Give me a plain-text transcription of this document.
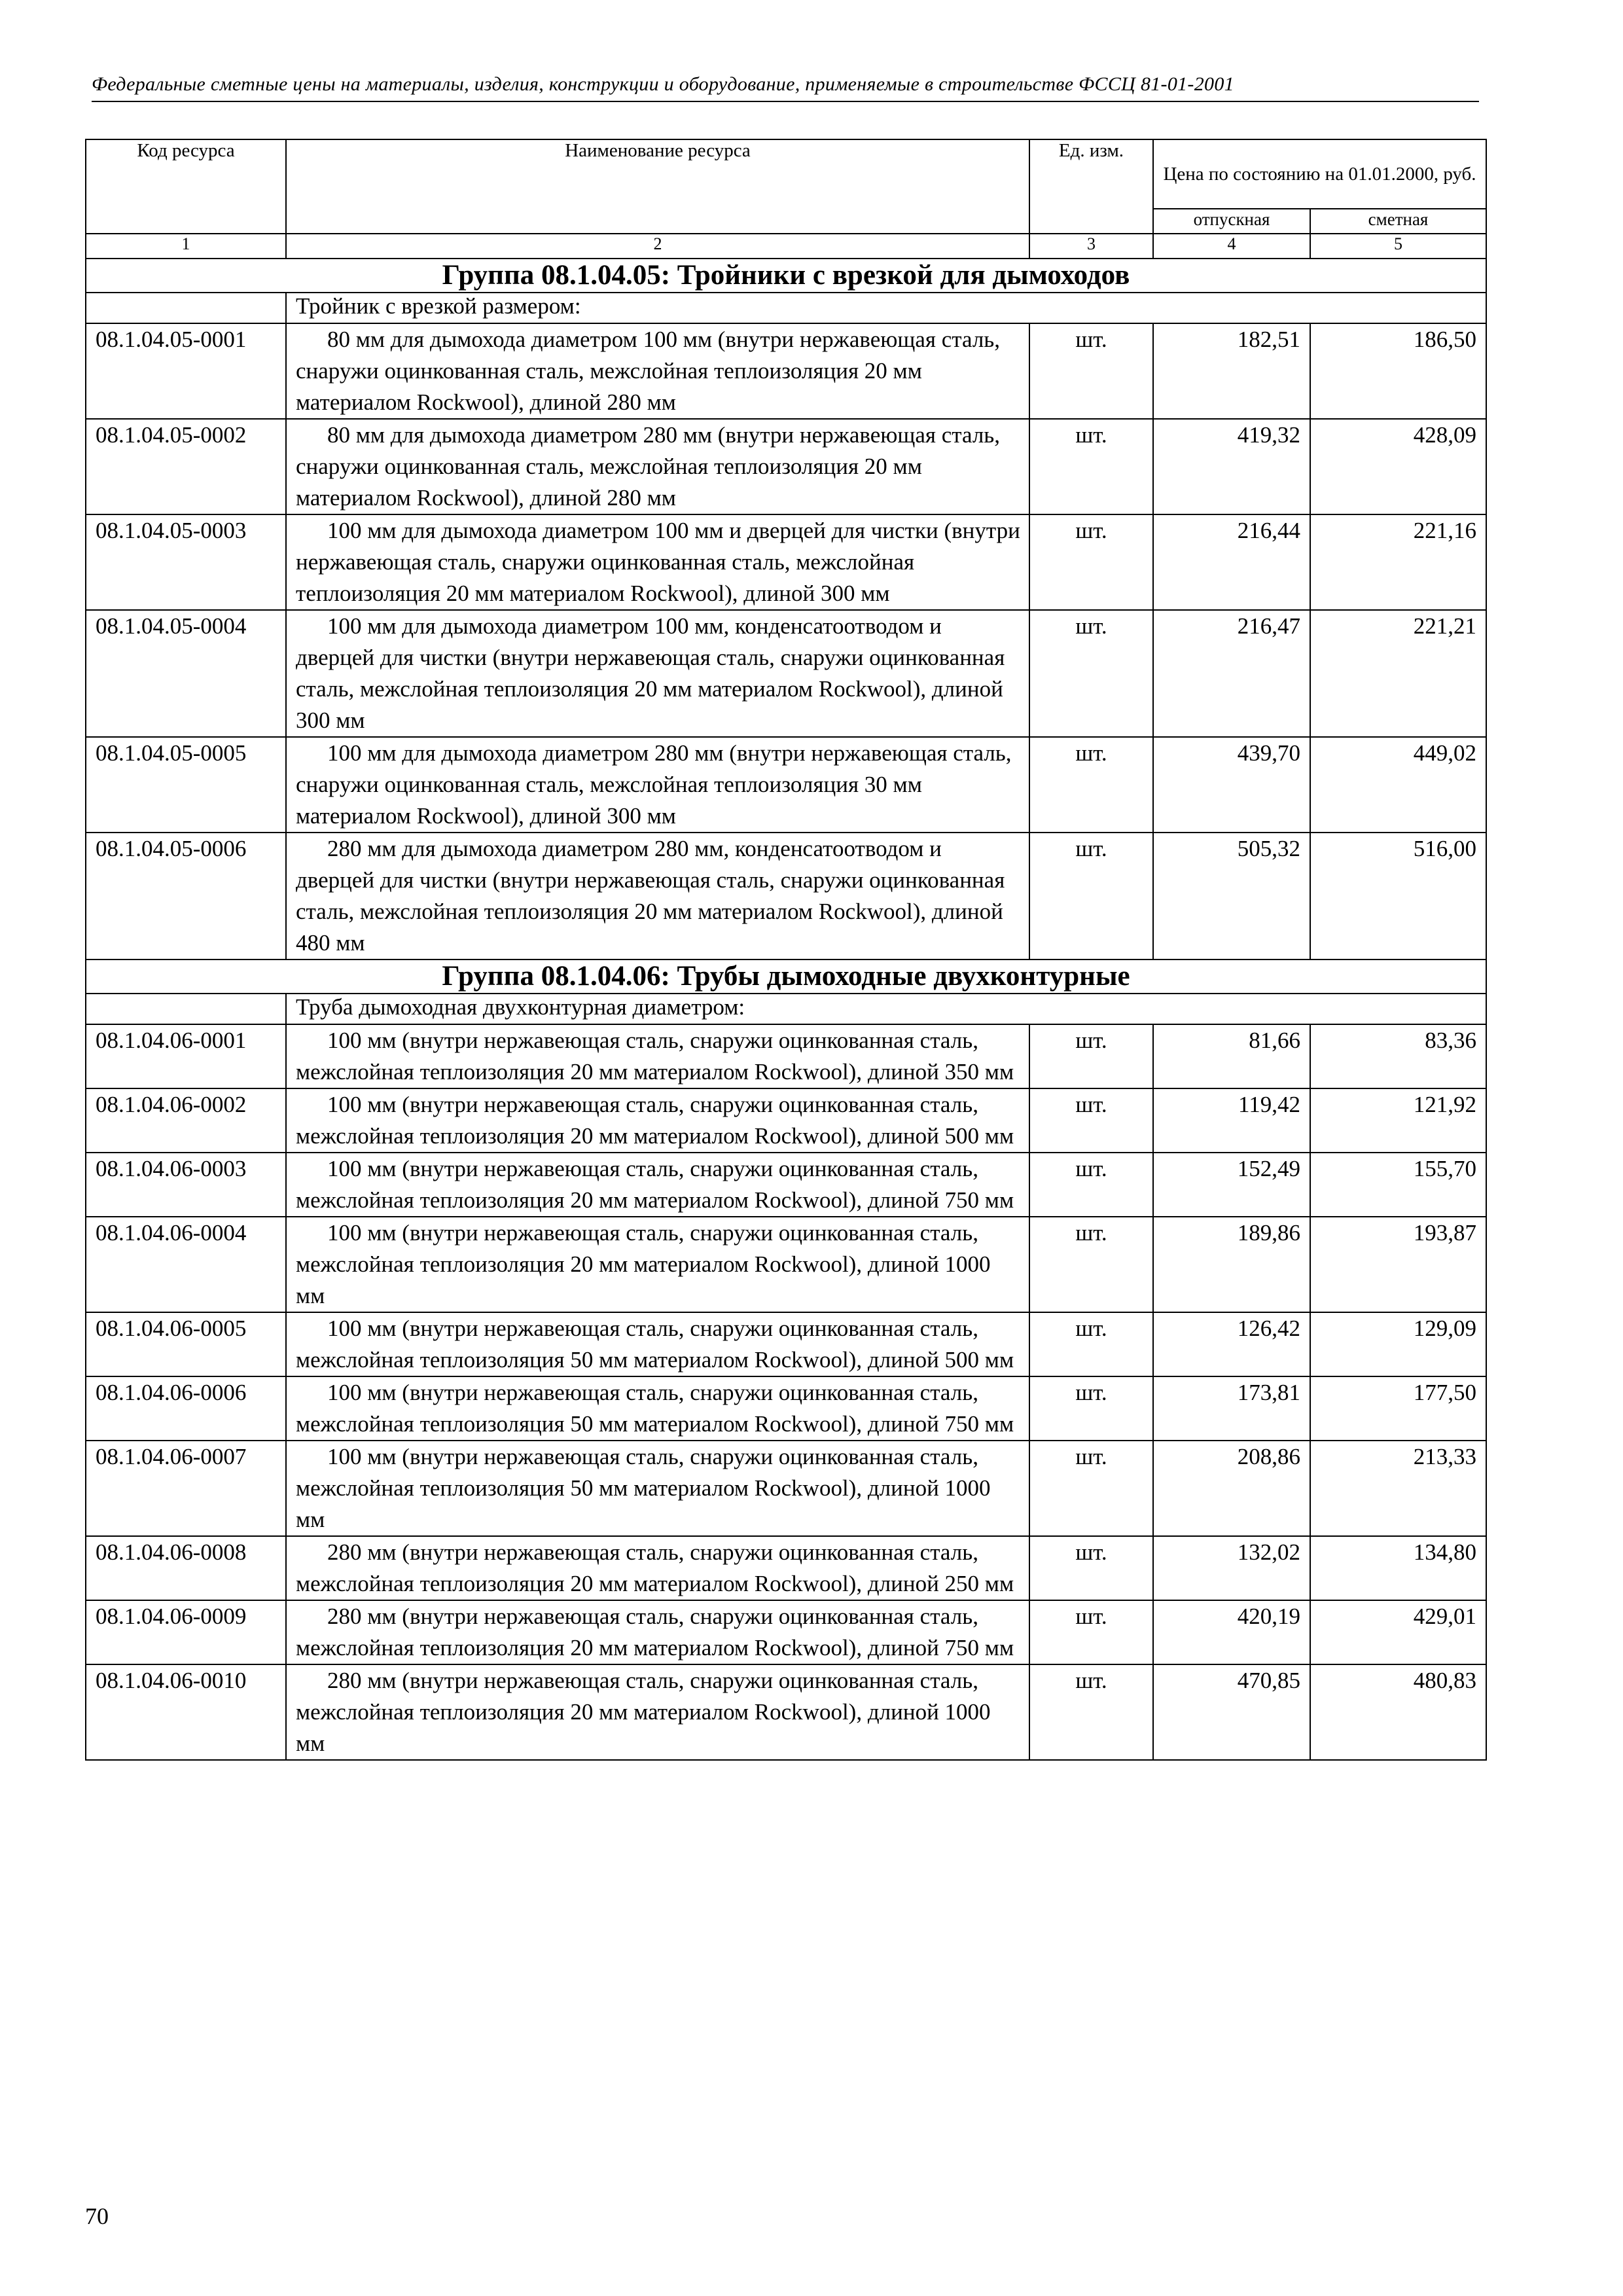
Федеральные сметные цены на материалы, изделия, конструкции и оборудование, применяемые в строительстве ФССЦ 81-01-2001
Код ресурса	Наименование ресурса	Ед. изм.	Цена по состоянию на 01.01.2000, руб.	
			отпускная	сметная
1	2	3	4	5
Группа 08.1.04.05: Тройники с врезкой для дымоходов				
	Тройник с врезкой размером:			
08.1.04.05-0001	80 мм для дымохода диаметром 100 мм (внутри нержавеющая сталь, снаружи оцинкованная сталь, межслойная теплоизоляция 20 мм материалом Rockwool), длиной 280 мм	шт.	182,51	186,50
08.1.04.05-0002	80 мм для дымохода диаметром 280 мм (внутри нержавеющая сталь, снаружи оцинкованная сталь, межслойная теплоизоляция 20 мм материалом Rockwool), длиной 280 мм	шт.	419,32	428,09
08.1.04.05-0003	100 мм для дымохода диаметром 100 мм и дверцей для чистки (внутри нержавеющая сталь, снаружи оцинкованная сталь, межслойная теплоизоляция 20 мм материалом Rockwool), длиной 300 мм	шт.	216,44	221,16
08.1.04.05-0004	100 мм для дымохода диаметром 100 мм, конденсатоотводом и дверцей для чистки (внутри нержавеющая сталь, снаружи оцинкованная сталь, межслойная теплоизоляция 20 мм материалом Rockwool), длиной 300 мм	шт.	216,47	221,21
08.1.04.05-0005	100 мм для дымохода диаметром 280 мм (внутри нержавеющая сталь, снаружи оцинкованная сталь, межслойная теплоизоляция 30 мм материалом Rockwool), длиной 300 мм	шт.	439,70	449,02
08.1.04.05-0006	280 мм для дымохода диаметром 280 мм, конденсатоотводом и дверцей для чистки (внутри нержавеющая сталь, снаружи оцинкованная сталь, межслойная теплоизоляция 20 мм материалом Rockwool), длиной 480 мм	шт.	505,32	516,00
Группа 08.1.04.06: Трубы дымоходные двухконтурные				
	Труба дымоходная двухконтурная диаметром:			
08.1.04.06-0001	100 мм (внутри нержавеющая сталь, снаружи оцинкованная сталь, межслойная теплоизоляция 20 мм материалом Rockwool), длиной 350 мм	шт.	81,66	83,36
08.1.04.06-0002	100 мм (внутри нержавеющая сталь, снаружи оцинкованная сталь, межслойная теплоизоляция 20 мм материалом Rockwool), длиной 500 мм	шт.	119,42	121,92
08.1.04.06-0003	100 мм (внутри нержавеющая сталь, снаружи оцинкованная сталь, межслойная теплоизоляция 20 мм материалом Rockwool), длиной 750 мм	шт.	152,49	155,70
08.1.04.06-0004	100 мм (внутри нержавеющая сталь, снаружи оцинкованная сталь, межслойная теплоизоляция 20 мм материалом Rockwool), длиной 1000 мм	шт.	189,86	193,87
08.1.04.06-0005	100 мм (внутри нержавеющая сталь, снаружи оцинкованная сталь, межслойная теплоизоляция 50 мм материалом Rockwool), длиной 500 мм	шт.	126,42	129,09
08.1.04.06-0006	100 мм (внутри нержавеющая сталь, снаружи оцинкованная сталь, межслойная теплоизоляция 50 мм материалом Rockwool), длиной 750 мм	шт.	173,81	177,50
08.1.04.06-0007	100 мм (внутри нержавеющая сталь, снаружи оцинкованная сталь, межслойная теплоизоляция 50 мм материалом Rockwool), длиной 1000 мм	шт.	208,86	213,33
08.1.04.06-0008	280 мм (внутри нержавеющая сталь, снаружи оцинкованная сталь, межслойная теплоизоляция 20 мм материалом Rockwool), длиной 250 мм	шт.	132,02	134,80
08.1.04.06-0009	280 мм (внутри нержавеющая сталь, снаружи оцинкованная сталь, межслойная теплоизоляция 20 мм материалом Rockwool), длиной 750 мм	шт.	420,19	429,01
08.1.04.06-0010	280 мм (внутри нержавеющая сталь, снаружи оцинкованная сталь, межслойная теплоизоляция 20 мм материалом Rockwool), длиной 1000 мм	шт.	470,85	480,83
70
